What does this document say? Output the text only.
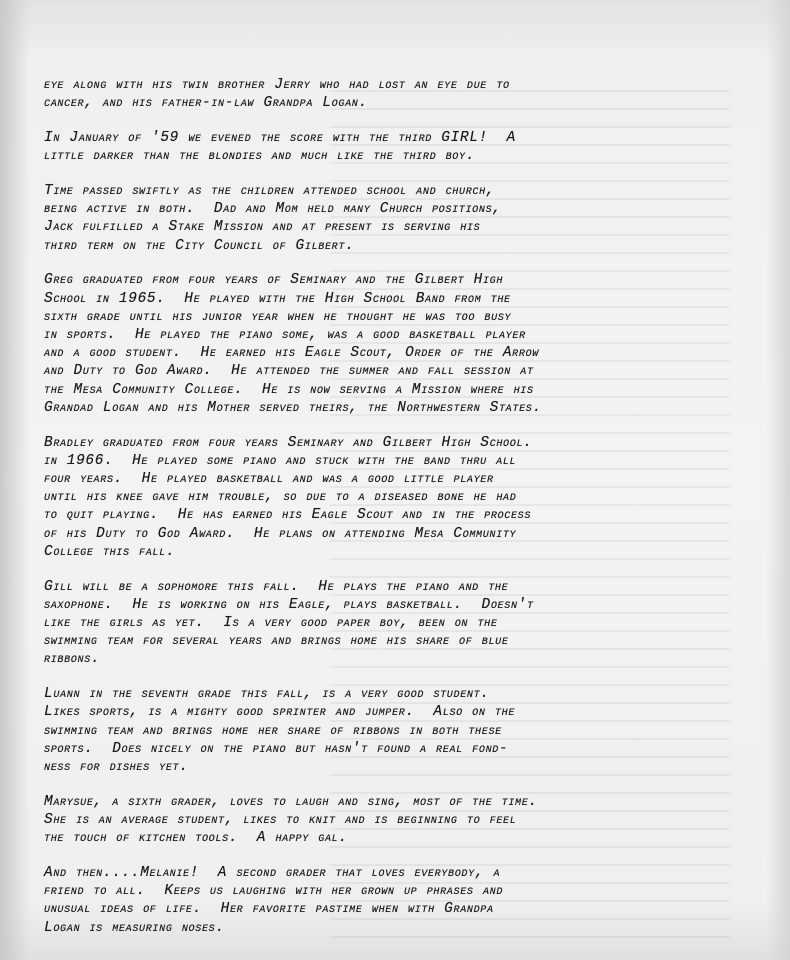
eye along with his twin brother Jerry who had lost an eye due to
cancer, and his father-in-law Grandpa Logan.
In January of '59 we evened the score with the third GIRL!  A
little darker than the blondies and much like the third boy.
Time passed swiftly as the children attended school and church,
being active in both.  Dad and Mom held many Church positions,
Jack fulfilled a Stake Mission and at present is serving his
third term on the City Council of Gilbert.
Greg graduated from four years of Seminary and the Gilbert High
School in 1965.  He played with the High School Band from the
sixth grade until his junior year when he thought he was too busy
in sports.  He played the piano some, was a good basketball player
and a good student.  He earned his Eagle Scout, Order of the Arrow
and Duty to God Award.  He attended the summer and fall session at
the Mesa Community College.  He is now serving a Mission where his
Grandad Logan and his Mother served theirs, the Northwestern States.
Bradley graduated from four years Seminary and Gilbert High School.
in 1966.  He played some piano and stuck with the band thru all
four years.  He played basketball and was a good little player
until his knee gave him trouble, so due to a diseased bone he had
to quit playing.  He has earned his Eagle Scout and in the process
of his Duty to God Award.  He plans on attending Mesa Community
College this fall.
Gill will be a sophomore this fall.  He plays the piano and the
saxophone.  He is working on his Eagle, plays basketball.  Doesn't
like the girls as yet.  Is a very good paper boy, been on the
swimming team for several years and brings home his share of blue
ribbons.
Luann in the seventh grade this fall, is a very good student.
Likes sports, is a mighty good sprinter and jumper.  Also on the
swimming team and brings home her share of ribbons in both these
sports.  Does nicely on the piano but hasn't found a real fond-
ness for dishes yet.
Marysue, a sixth grader, loves to laugh and sing, most of the time.
She is an average student, likes to knit and is beginning to feel
the touch of kitchen tools.  A happy gal.
And then....Melanie!  A second grader that loves everybody, a
friend to all.  Keeps us laughing with her grown up phrases and
unusual ideas of life.  Her favorite pastime when with Grandpa
Logan is measuring noses.
